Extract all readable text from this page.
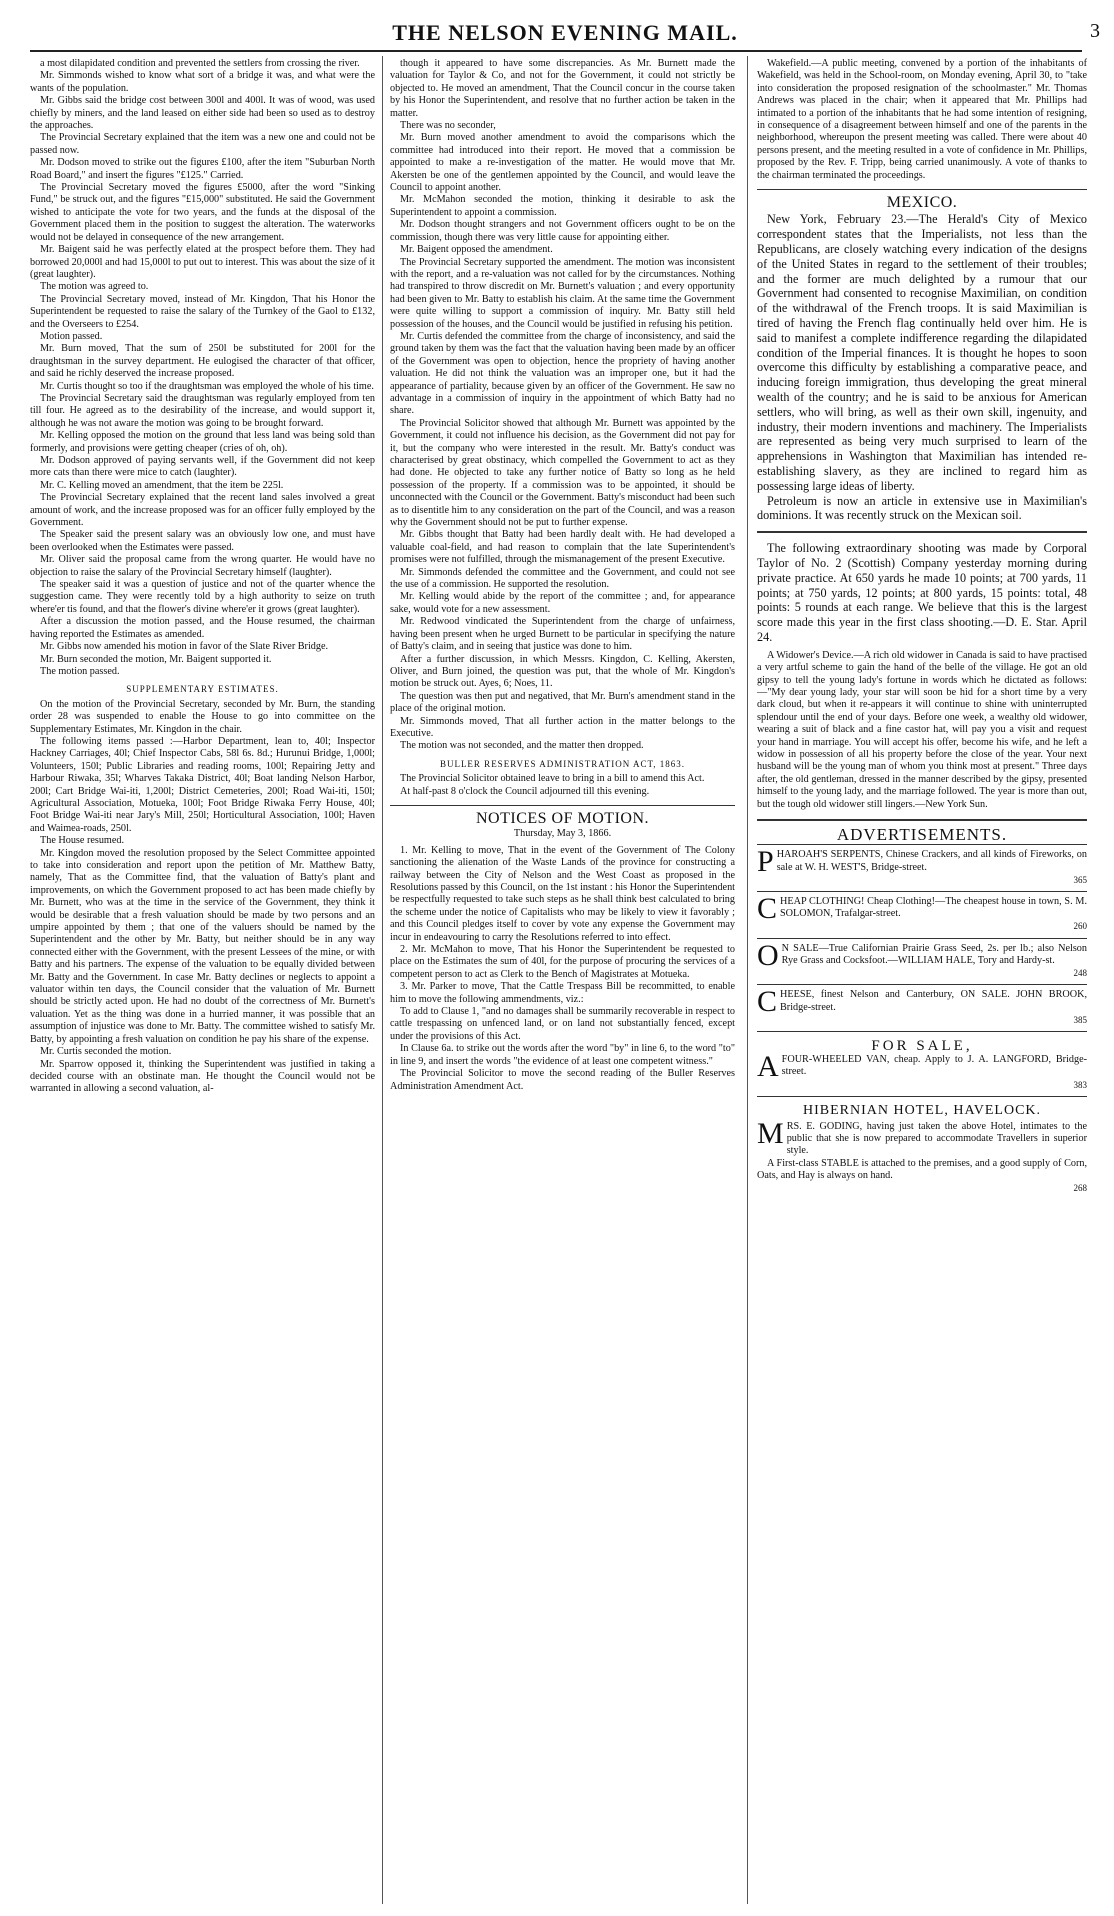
THE NELSON EVENING MAIL.	3

a most dilapidated condition and prevented the settlers from crossing the river.

Mr. Simmonds wished to know what sort of a bridge it was, and what were the wants of the population.

Mr. Gibbs said the bridge cost between 300l and 400l. It was of wood, was used chiefly by miners, and the land leased on either side had been so used as to destroy the approaches.

The Provincial Secretary explained that the item was a new one and could not be passed now.

Mr. Dodson moved to strike out the figures £100, after the item "Suburban North Road Board," and insert the figures "£125." Carried.

The Provincial Secretary moved the figures £5000, after the word "Sinking Fund," be struck out, and the figures "£15,000" substituted. He said the Government wished to anticipate the vote for two years, and the funds at the disposal of the Government placed them in the position to suggest the alteration. The waterworks would not be delayed in consequence of the new arrangement.

Mr. Baigent said he was perfectly elated at the prospect before them. They had borrowed 20,000l and had 15,000l to put out to interest. This was about the size of it (great laughter).

The motion was agreed to.

The Provincial Secretary moved, instead of Mr. Kingdon, That his Honor the Superintendent be requested to raise the salary of the Turnkey of the Gaol to £132, and the Overseers to £254.

Motion passed.

Mr. Burn moved, That the sum of 250l be substituted for 200l for the draughtsman in the survey department. He eulogised the character of that officer, and said he richly deserved the increase proposed.

Mr. Curtis thought so too if the draughtsman was employed the whole of his time.

The Provincial Secretary said the draughtsman was regularly employed from ten till four. He agreed as to the desirability of the increase, and would support it, although he was not aware the motion was going to be brought forward.

Mr. Kelling opposed the motion on the ground that less land was being sold than formerly, and provisions were getting cheaper (cries of oh, oh).

Mr. Dodson approved of paying servants well, if the Government did not keep more cats than there were mice to catch (laughter).

Mr. C. Kelling moved an amendment, that the item be 225l.

The Provincial Secretary explained that the recent land sales involved a great amount of work, and the increase proposed was for an officer fully employed by the Government.

The Speaker said the present salary was an obviously low one, and must have been overlooked when the Estimates were passed.

Mr. Oliver said the proposal came from the wrong quarter. He would have no objection to raise the salary of the Provincial Secretary himself (laughter).

The speaker said it was a question of justice and not of the quarter whence the suggestion came. They were recently told by a high authority to seize on truth where'er tis found, and that the flower's divine where'er it grows (great laughter).

After a discussion the motion passed, and the House resumed, the chairman having reported the Estimates as amended.

Mr. Gibbs now amended his motion in favor of the Slate River Bridge.

Mr. Burn seconded the motion, Mr. Baigent supported it.

The motion passed.

SUPPLEMENTARY ESTIMATES.

On the motion of the Provincial Secretary, seconded by Mr. Burn, the standing order 28 was suspended to enable the House to go into committee on the Supplementary Estimates, Mr. Kingdon in the chair.

The following items passed :—Harbor Department, lean to, 40l; Inspector Hackney Carriages, 40l; Chief Inspector Cabs, 58l 6s. 8d.; Hurunui Bridge, 1,000l; Volunteers, 150l; Public Libraries and reading rooms, 100l; Repairing Jetty and Harbour Riwaka, 35l; Wharves Takaka District, 40l; Boat landing Nelson Harbor, 200l; Cart Bridge Wai-iti, 1,200l; District Cemeteries, 200l; Road Wai-iti, 150l; Agricultural Association, Motueka, 100l; Foot Bridge Riwaka Ferry House, 40l; Foot Bridge Wai-iti near Jary's Mill, 250l; Horticultural Association, 100l; Haven and Waimea-roads, 250l.

The House resumed.

Mr. Kingdon moved the resolution proposed by the Select Committee appointed to take into consideration and report upon the petition of Mr. Matthew Batty, namely, That as the Committee find, that the valuation of Batty's plant and improvements, on which the Government proposed to act has been made chiefly by Mr. Burnett, who was at the time in the service of the Government, they think it would be desirable that a fresh valuation should be made by two persons and an umpire appointed by them ; that one of the valuers should be named by the Superintendent and the other by Mr. Batty, but neither should be in any way connected either with the Government, with the present Lessees of the mine, or with Batty and his partners. The expense of the valuation to be equally divided between Mr. Batty and the Government. In case Mr. Batty declines or neglects to appoint a valuator within ten days, the Council consider that the valuation of Mr. Burnett should be strictly acted upon. He had no doubt of the correctness of Mr. Burnett's valuation. Yet as the thing was done in a hurried manner, it was possible that an assumption of injustice was done to Mr. Batty. The committee wished to satisfy Mr. Batty, by appointing a fresh valuation on condition he pay his share of the expense.

Mr. Curtis seconded the motion.

Mr. Sparrow opposed it, thinking the Superintendent was justified in taking a decided course with an obstinate man. He thought the Council would not be warranted in allowing a second valuation, al-

though it appeared to have some discrepancies. As Mr. Burnett made the valuation for Taylor & Co, and not for the Government, it could not strictly be objected to. He moved an amendment, That the Council concur in the course taken by his Honor the Superintendent, and resolve that no further action be taken in the matter.

There was no seconder,

Mr. Burn moved another amendment to avoid the comparisons which the committee had introduced into their report. He moved that a commission be appointed to make a re-investigation of the matter. He would move that Mr. Akersten be one of the gentlemen appointed by the Council, and would leave the Council to appoint another.

Mr. McMahon seconded the motion, thinking it desirable to ask the Superintendent to appoint a commission.

Mr. Dodson thought strangers and not Government officers ought to be on the commission, though there was very little cause for appointing either.

Mr. Baigent opposed the amendment.

The Provincial Secretary supported the amendment. The motion was inconsistent with the report, and a re-valuation was not called for by the circumstances. Nothing had transpired to throw discredit on Mr. Burnett's valuation ; and every opportunity had been given to Mr. Batty to establish his claim. At the same time the Government were quite willing to support a commission of inquiry. Mr. Batty still held possession of the houses, and the Council would be justified in refusing his petition.

Mr. Curtis defended the committee from the charge of inconsistency, and said the ground taken by them was the fact that the valuation having been made by an officer of the Government was open to objection, hence the propriety of having another valuation. He did not think the valuation was an improper one, but it had the appearance of partiality, because given by an officer of the Government. He saw no advantage in a commission of inquiry in the appointment of which Batty had no share.

The Provincial Solicitor showed that although Mr. Burnett was appointed by the Government, it could not influence his decision, as the Government did not pay for it, but the company who were interested in the result. Mr. Batty's conduct was characterised by great obstinacy, which compelled the Government to act as they had done. He objected to take any further notice of Batty so long as he held possession of the property. If a commission was to be appointed, it should be unconnected with the Council or the Government. Batty's misconduct had been such as to disentitle him to any consideration on the part of the Council, and was a reason why the Government should not be put to further expense.

Mr. Gibbs thought that Batty had been hardly dealt with. He had developed a valuable coal-field, and had reason to complain that the late Superintendent's promises were not fulfilled, through the mismanagement of the present Executive.

Mr. Simmonds defended the committee and the Government, and could not see the use of a commission. He supported the resolution.

Mr. Kelling would abide by the report of the committee ; and, for appearance sake, would vote for a new assessment.

Mr. Redwood vindicated the Superintendent from the charge of unfairness, having been present when he urged Burnett to be particular in specifying the nature of Batty's claim, and in seeing that justice was done to him.

After a further discussion, in which Messrs. Kingdon, C. Kelling, Akersten, Oliver, and Burn joined, the question was put, that the whole of Mr. Kingdon's motion be struck out. Ayes, 6; Noes, 11.

The question was then put and negatived, that Mr. Burn's amendment stand in the place of the original motion.

Mr. Simmonds moved, That all further action in the matter belongs to the Executive.

The motion was not seconded, and the matter then dropped.

BULLER RESERVES ADMINISTRATION ACT, 1863.

The Provincial Solicitor obtained leave to bring in a bill to amend this Act.

At half-past 8 o'clock the Council adjourned till this evening.

NOTICES OF MOTION.

Thursday, May 3, 1866.

1. Mr. Kelling to move, That in the event of the Government of The Colony sanctioning the alienation of the Waste Lands of the province for constructing a railway between the City of Nelson and the West Coast as proposed in the Resolutions passed by this Council, on the 1st instant : his Honor the Superintendent be respectfully requested to take such steps as he shall think best calculated to bring the scheme under the notice of Capitalists who may be likely to view it favorably ; and this Council pledges itself to cover by vote any expense the Government may incur in endeavouring to carry the Resolutions referred to into effect.

2. Mr. McMahon to move, That his Honor the Superintendent be requested to place on the Estimates the sum of 40l, for the purpose of procuring the services of a competent person to act as Clerk to the Bench of Magistrates at Motueka.

3. Mr. Parker to move, That the Cattle Trespass Bill be recommitted, to enable him to move the following ammendments, viz.:

To add to Clause 1, "and no damages shall be summarily recoverable in respect to cattle trespassing on unfenced land, or on land not substantially fenced, except under the provisions of this Act.

In Clause 6a. to strike out the words after the word "by" in line 6, to the word "to" in line 9, and insert the words "the evidence of at least one competent witness."

The Provincial Solicitor to move the second reading of the Buller Reserves Administration Amendment Act.

Wakefield.—A public meeting, convened by a portion of the inhabitants of Wakefield, was held in the School-room, on Monday evening, April 30, to "take into consideration the proposed resignation of the schoolmaster." Mr. Thomas Andrews was placed in the chair; when it appeared that Mr. Phillips had intimated to a portion of the inhabitants that he had some intention of resigning, in consequence of a disagreement between himself and one of the parents in the neighborhood, whereupon the present meeting was called. There were about 40 persons present, and the meeting resulted in a vote of confidence in Mr. Phillips, proposed by the Rev. F. Tripp, being carried unanimously. A vote of thanks to the chairman terminated the proceedings.

MEXICO.

New York, February 23.—The Herald's City of Mexico correspondent states that the Imperialists, not less than the Republicans, are closely watching every indication of the designs of the United States in regard to the settlement of their troubles; and the former are much delighted by a rumour that our Government had consented to recognise Maximilian, on condition of the withdrawal of the French troops. It is said Maximilian is tired of having the French flag continually held over him. He is said to manifest a complete indifference regarding the dilapidated condition of the Imperial finances. It is thought he hopes to soon overcome this difficulty by establishing a comparative peace, and inducing foreign immigration, thus developing the great mineral wealth of the country; and he is said to be anxious for American settlers, who will bring, as well as their own skill, ingenuity, and industry, their modern inventions and machinery. The Imperialists are represented as being very much surprised to learn of the apprehensions in Washington that Maximilian has intended re-establishing slavery, as they are inclined to regard him as possessing large ideas of liberty.

Petroleum is now an article in extensive use in Maximilian's dominions. It was recently struck on the Mexican soil.

The following extraordinary shooting was made by Corporal Taylor of No. 2 (Scottish) Company yesterday morning during private practice. At 650 yards he made 10 points; at 700 yards, 11 points; at 750 yards, 12 points; at 800 yards, 15 points: total, 48 points: 5 rounds at each range. We believe that this is the largest score made this year in the first class shooting.—D. E. Star. April 24.

A Widower's Device.—A rich old widower in Canada is said to have practised a very artful scheme to gain the hand of the belle of the village. He got an old gipsy to tell the young lady's fortune in words which he dictated as follows:—"My dear young lady, your star will soon be hid for a short time by a very dark cloud, but when it re-appears it will continue to shine with uninterrupted splendour until the end of your days. Before one week, a wealthy old widower, wearing a suit of black and a fine castor hat, will pay you a visit and request your hand in marriage. You will accept his offer, become his wife, and he left a widow in possession of all his property before the close of the year. Your next husband will be the young man of whom you think most at present." Three days after, the old gentleman, dressed in the manner described by the gipsy, presented himself to the young lady, and the marriage followed. The year is more than out, but the tough old widower still lingers.—New York Sun.

ADVERTISEMENTS.

P HAROAH'S SERPENTS, Chinese Crackers, and all kinds of Fireworks, on sale at W. H. WEST'S, Bridge-street.

365
C HEAP CLOTHING! Cheap Clothing!—The cheapest house in town, S. M. SOLOMON, Trafalgar-street.

260
O N SALE—True Californian Prairie Grass Seed, 2s. per lb.; also Nelson Rye Grass and Cocksfoot.—WILLIAM HALE, Tory and Hardy-st.

248
C HEESE, finest Nelson and Canterbury, ON SALE. JOHN BROOK, Bridge-street.

385
FOR SALE,
A FOUR-WHEELED VAN, cheap. Apply to J. A. LANGFORD, Bridge-street.

383
HIBERNIAN HOTEL, HAVELOCK.
M RS. E. GODING, having just taken the above Hotel, intimates to the public that she is now prepared to accommodate Travellers in superior style.

A First-class STABLE is attached to the premises, and a good supply of Corn, Oats, and Hay is always on hand.

268
